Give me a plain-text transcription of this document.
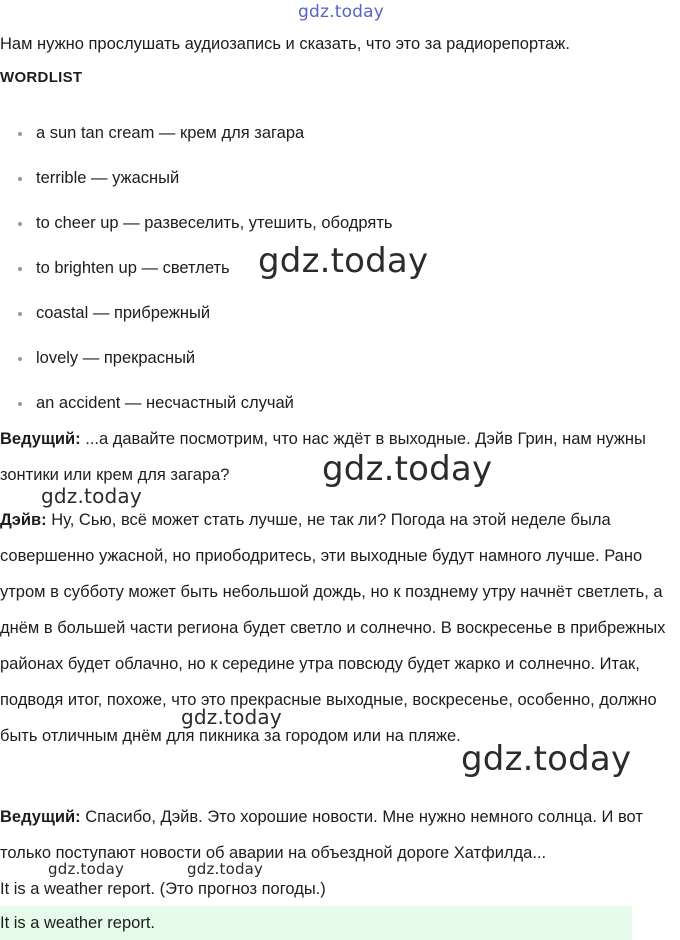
gdz.today

Нам нужно прослушать аудиозапись и сказать, что это за радиорепортаж.

WORDLIST
a sun tan cream — крем для загара
terrible — ужасный
to cheer up — развеселить, утешить, ободрять
to brighten up — светлеть
coastal — прибрежный
lovely — прекрасный
an accident — несчастный случай

Ведущий: ...а давайте посмотрим, что нас ждёт в выходные. Дэйв Грин, нам нужны зонтики или крем для загара?

Дэйв: Ну, Сью, всё может стать лучше, не так ли? Погода на этой неделе была совершенно ужасной, но приободритесь, эти выходные будут намного лучше. Рано утром в субботу может быть небольшой дождь, но к позднему утру начнёт светлеть, а днём в большей части региона будет светло и солнечно. В воскресенье в прибрежных районах будет облачно, но к середине утра повсюду будет жарко и солнечно. Итак, подводя итог, похоже, что это прекрасные выходные, воскресенье, особенно, должно быть отличным днём для пикника за городом или на пляже.

Ведущий: Спасибо, Дэйв. Это хорошие новости. Мне нужно немного солнца. И вот только поступают новости об аварии на объездной дороге Хатфилда...

It is a weather report. (Это прогноз погоды.)

It is a weather report.
gdz.today
gdz.today
gdz.today
gdz.today
gdz.today
gdz.today	gdz.today
